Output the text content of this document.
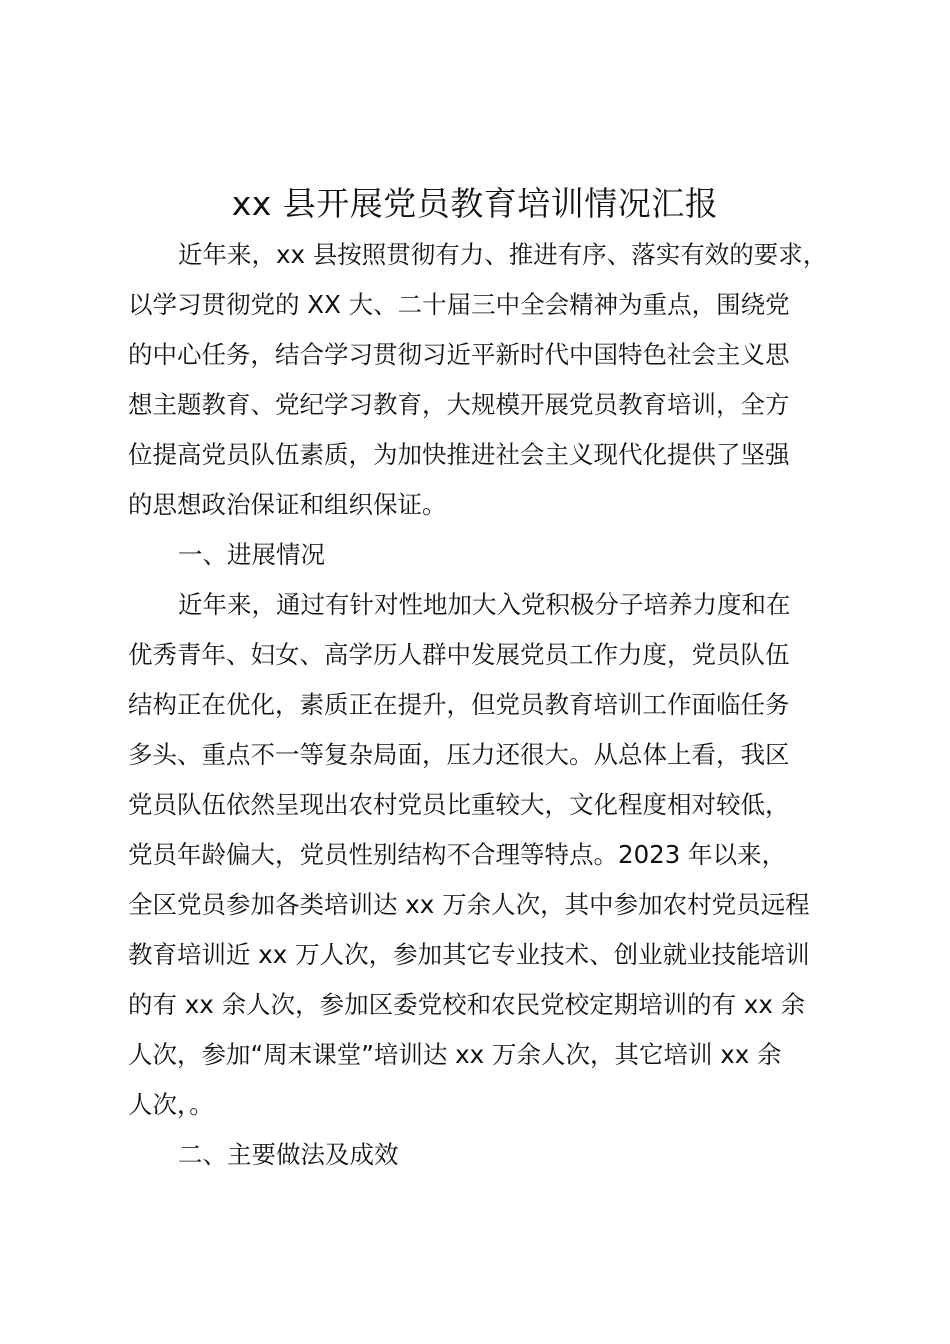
xx 县开展党员教育培训情况汇报
近年来，xx 县按照贯彻有力、推进有序、落实有效的要求，
以学习贯彻党的 XX 大、二十届三中全会精神为重点，围绕党
的中心任务，结合学习贯彻习近平新时代中国特色社会主义思
想主题教育、党纪学习教育，大规模开展党员教育培训，全方
位提高党员队伍素质，为加快推进社会主义现代化提供了坚强
的思想政治保证和组织保证。
一、进展情况
近年来，通过有针对性地加大入党积极分子培养力度和在
优秀青年、妇女、高学历人群中发展党员工作力度，党员队伍
结构正在优化，素质正在提升，但党员教育培训工作面临任务
多头、重点不一等复杂局面，压力还很大。从总体上看，我区
党员队伍依然呈现出农村党员比重较大，文化程度相对较低，
党员年龄偏大，党员性别结构不合理等特点。2023 年以来，
全区党员参加各类培训达 xx 万余人次，其中参加农村党员远程
教育培训近 xx 万人次，参加其它专业技术、创业就业技能培训
的有 xx 余人次，参加区委党校和农民党校定期培训的有 xx 余
人次，参加“周末课堂”培训达 xx 万余人次，其它培训 xx 余
人次，。
二、主要做法及成效
